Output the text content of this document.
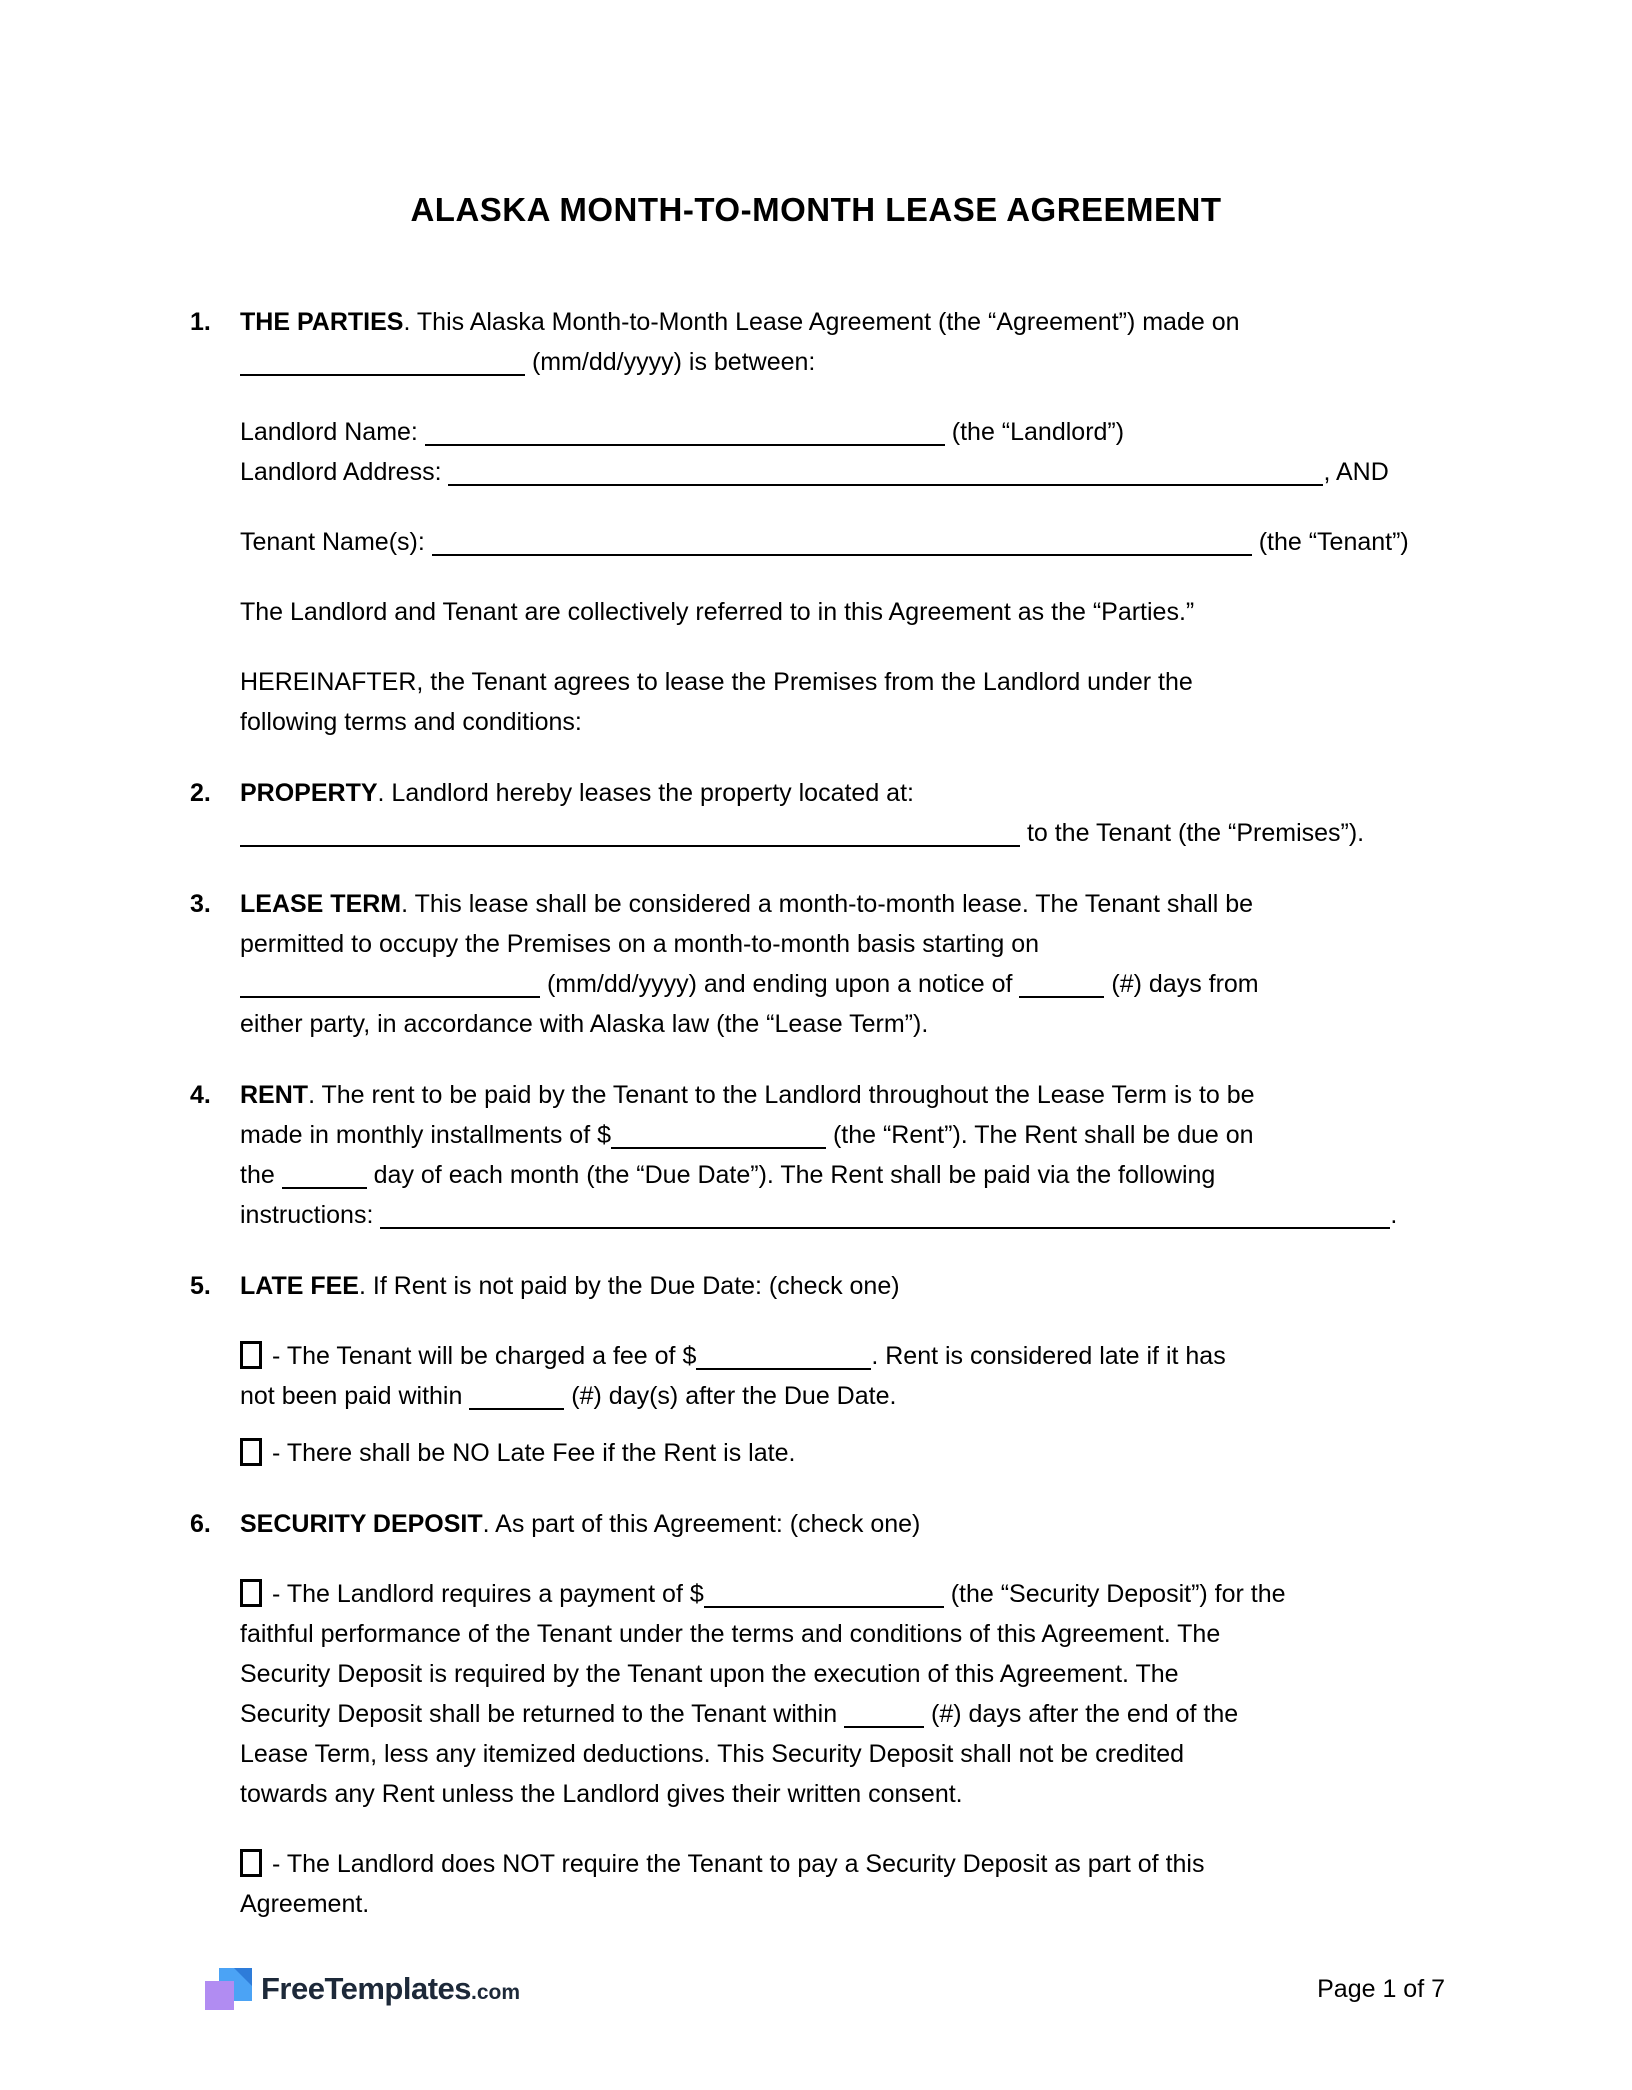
ALASKA MONTH-TO-MONTH LEASE AGREEMENT
1.	THE PARTIES. This Alaska Month-to-Month Lease Agreement (the “Agreement”) made on
(mm/dd/yyyy) is between:
Landlord Name:	(the “Landlord”)
Landlord Address:	, AND
Tenant Name(s):	(the “Tenant”)
The Landlord and Tenant are collectively referred to in this Agreement as the “Parties.”
HEREINAFTER, the Tenant agrees to lease the Premises from the Landlord under the
following terms and conditions:
2.	PROPERTY. Landlord hereby leases the property located at:
to the Tenant (the “Premises”).
3.	LEASE TERM. This lease shall be considered a month-to-month lease. The Tenant shall be
permitted to occupy the Premises on a month-to-month basis starting on
(mm/dd/yyyy) and ending upon a notice of	(#) days from
either party, in accordance with Alaska law (the “Lease Term”).
4.	RENT. The rent to be paid by the Tenant to the Landlord throughout the Lease Term is to be
made in monthly installments of $	(the “Rent”). The Rent shall be due on
the	day of each month (the “Due Date”). The Rent shall be paid via the following
instructions:	.
5.	LATE FEE. If Rent is not paid by the Due Date: (check one)
- The Tenant will be charged a fee of $	. Rent is considered late if it has
not been paid within	(#) day(s) after the Due Date.
- There shall be NO Late Fee if the Rent is late.
6.	SECURITY DEPOSIT. As part of this Agreement: (check one)
- The Landlord requires a payment of $	(the “Security Deposit”) for the
faithful performance of the Tenant under the terms and conditions of this Agreement. The
Security Deposit is required by the Tenant upon the execution of this Agreement. The
Security Deposit shall be returned to the Tenant within	(#) days after the end of the
Lease Term, less any itemized deductions. This Security Deposit shall not be credited
towards any Rent unless the Landlord gives their written consent.
- The Landlord does NOT require the Tenant to pay a Security Deposit as part of this
Agreement.
FreeTemplates .com	Page 1 of 7
